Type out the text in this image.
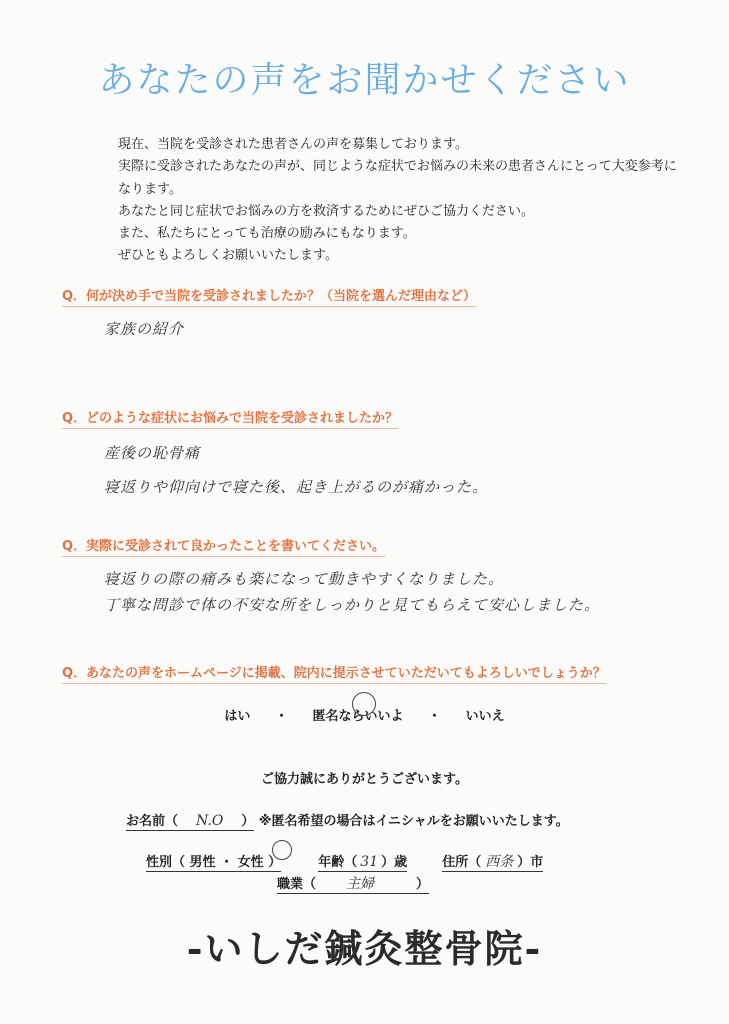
あなたの声をお聞かせください
現在、当院を受診された患者さんの声を募集しております。
実際に受診されたあなたの声が、同じような症状でお悩みの未来の患者さんにとって大変参考に
なります。
あなたと同じ症状でお悩みの方を救済するためにぜひご協力ください。
また、私たちにとっても治療の励みにもなります。
ぜひともよろしくお願いいたします。
Q．何が決め手で当院を受診されましたか？（当院を選んだ理由など）
家族の紹介
Q．どのような症状にお悩みで当院を受診されましたか？
産後の恥骨痛
寝返りや仰向けで寝た後、起き上がるのが痛かった。
Q．実際に受診されて良かったことを書いてください。
寝返りの際の痛みも楽になって動きやすくなりました。
丁寧な問診で体の不安な所をしっかりと見てもらえて安心しました。
Q．あなたの声をホームページに掲載、院内に提示させていただいてもよろしいでしょうか？
はい ・ 匿名ならいいよ ・ いいえ
ご協力誠にありがとうございます。
お名前（ N.O ） ※匿名希望の場合はイニシャルをお願いいたします。
性別（ 男性 ・ 女性 ）	年齢（ 31 ）歳	住所（ 西条 ）市
職業（ 主婦	）
-いしだ鍼灸整骨院-
